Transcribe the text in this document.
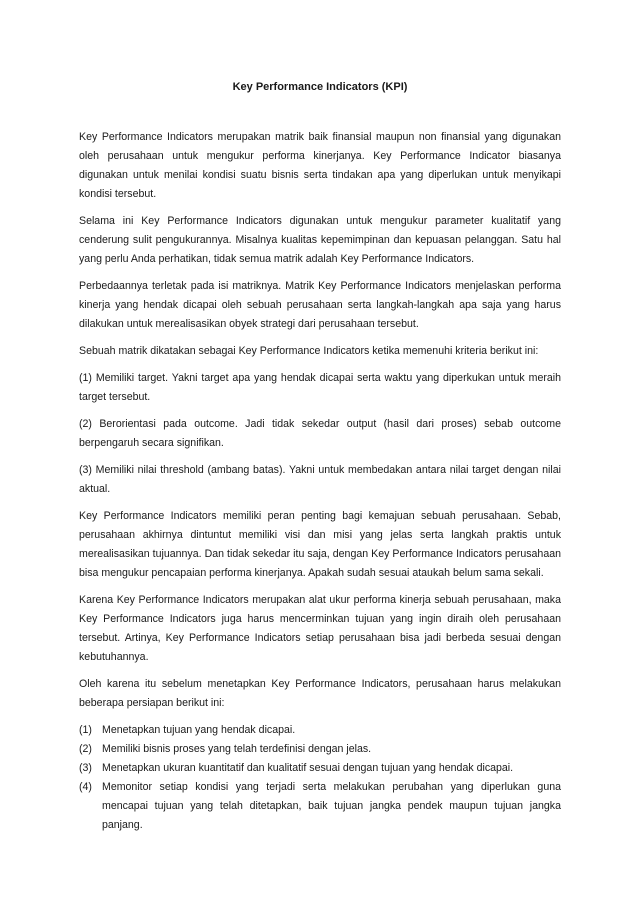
Key Performance Indicators (KPI)

Key Performance Indicators merupakan matrik baik finansial maupun non finansial yang digunakan oleh perusahaan untuk mengukur performa kinerjanya. Key Performance Indicator biasanya digunakan untuk menilai kondisi suatu bisnis serta tindakan apa yang diperlukan untuk menyikapi kondisi tersebut.

Selama ini Key Performance Indicators digunakan untuk mengukur parameter kualitatif yang cenderung sulit pengukurannya. Misalnya kualitas kepemimpinan dan kepuasan pelanggan. Satu hal yang perlu Anda perhatikan, tidak semua matrik adalah Key Performance Indicators.

Perbedaannya terletak pada isi matriknya. Matrik Key Performance Indicators menjelaskan performa kinerja yang hendak dicapai oleh sebuah perusahaan serta langkah-langkah apa saja yang harus dilakukan untuk merealisasikan obyek strategi dari perusahaan tersebut.

Sebuah matrik dikatakan sebagai Key Performance Indicators ketika memenuhi kriteria berikut ini:

(1) Memiliki target. Yakni target apa yang hendak dicapai serta waktu yang diperkukan untuk meraih target tersebut.

(2) Berorientasi pada outcome. Jadi tidak sekedar output (hasil dari proses) sebab outcome berpengaruh secara signifikan.

(3) Memiliki nilai threshold (ambang batas). Yakni untuk membedakan antara nilai target dengan nilai aktual.

Key Performance Indicators memiliki peran penting bagi kemajuan sebuah perusahaan. Sebab, perusahaan akhirnya dintuntut memiliki visi dan misi yang jelas serta langkah praktis untuk merealisasikan tujuannya. Dan tidak sekedar itu saja, dengan Key Performance Indicators perusahaan bisa mengukur pencapaian performa kinerjanya. Apakah sudah sesuai ataukah belum sama sekali.

Karena Key Performance Indicators merupakan alat ukur performa kinerja sebuah perusahaan, maka Key Performance Indicators juga harus mencerminkan tujuan yang ingin diraih oleh perusahaan tersebut. Artinya, Key Performance Indicators setiap perusahaan bisa jadi berbeda sesuai dengan kebutuhannya.

Oleh karena itu sebelum menetapkan Key Performance Indicators, perusahaan harus melakukan beberapa persiapan berikut ini:

(1) Menetapkan tujuan yang hendak dicapai.
(2) Memiliki bisnis proses yang telah terdefinisi dengan jelas.
(3) Menetapkan ukuran kuantitatif dan kualitatif sesuai dengan tujuan yang hendak dicapai.
(4) Memonitor setiap kondisi yang terjadi serta melakukan perubahan yang diperlukan guna mencapai tujuan yang telah ditetapkan, baik tujuan jangka pendek maupun tujuan jangka panjang.
